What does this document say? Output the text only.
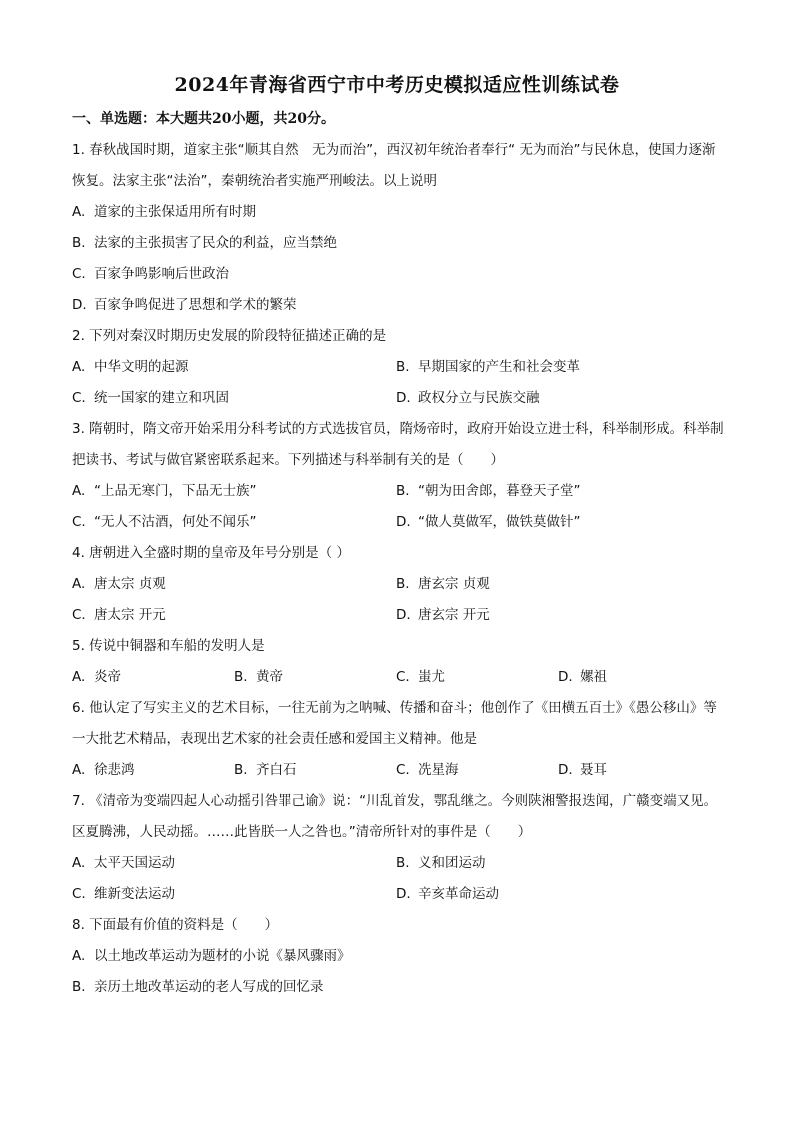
2024年青海省西宁市中考历史模拟适应性训练试卷
一、单选题：本大题共20小题，共20分。
1. 春秋战国时期，道家主张“顺其自然　无为而治”，西汉初年统治者奉行“ 无为而治”与民休息，使国力逐渐恢复。法家主张“法治”，秦朝统治者实施严刑峻法。以上说明
A. 道家的主张保适用所有时期
B. 法家的主张损害了民众的利益，应当禁绝
C. 百家争鸣影响后世政治
D. 百家争鸣促进了思想和学术的繁荣
2. 下列对秦汉时期历史发展的阶段特征描述正确的是
A. 中华文明的起源	B. 早期国家的产生和社会变革
C. 统一国家的建立和巩固	D. 政权分立与民族交融
3. 隋朝时，隋文帝开始采用分科考试的方式选拔官员，隋炀帝时，政府开始设立进士科，科举制形成。科举制把读书、考试与做官紧密联系起来。下列描述与科举制有关的是（　　）
A. “上品无寒门，下品无士族”	B. “朝为田舍郎，暮登天子堂”
C. “无人不沽酒，何处不闻乐”	D. “做人莫做军，做铁莫做针”
4. 唐朝进入全盛时期的皇帝及年号分别是（ ）
A. 唐太宗 贞观	B. 唐玄宗 贞观
C. 唐太宗 开元	D. 唐玄宗 开元
5. 传说中铜器和车船的发明人是
A. 炎帝	B. 黄帝	C. 蚩尤	D. 嫘祖
6. 他认定了写实主义的艺术目标，一往无前为之呐喊、传播和奋斗；他创作了《田横五百士》《愚公移山》等一大批艺术精品，表现出艺术家的社会责任感和爱国主义精神。他是
A. 徐悲鸿	B. 齐白石	C. 冼星海	D. 聂耳
7. 《清帝为变端四起人心动摇引咎罪己谕》说：“川乱首发，鄂乱继之。今则陕湘警报迭闻，广赣变端又见。区夏腾沸，人民动摇。……此皆朕一人之咎也。”清帝所针对的事件是（　　）
A. 太平天国运动	B. 义和团运动
C. 维新变法运动	D. 辛亥革命运动
8. 下面最有价值的资料是（　　）
A. 以土地改革运动为题材的小说《暴风骤雨》
B. 亲历土地改革运动的老人写成的回忆录
